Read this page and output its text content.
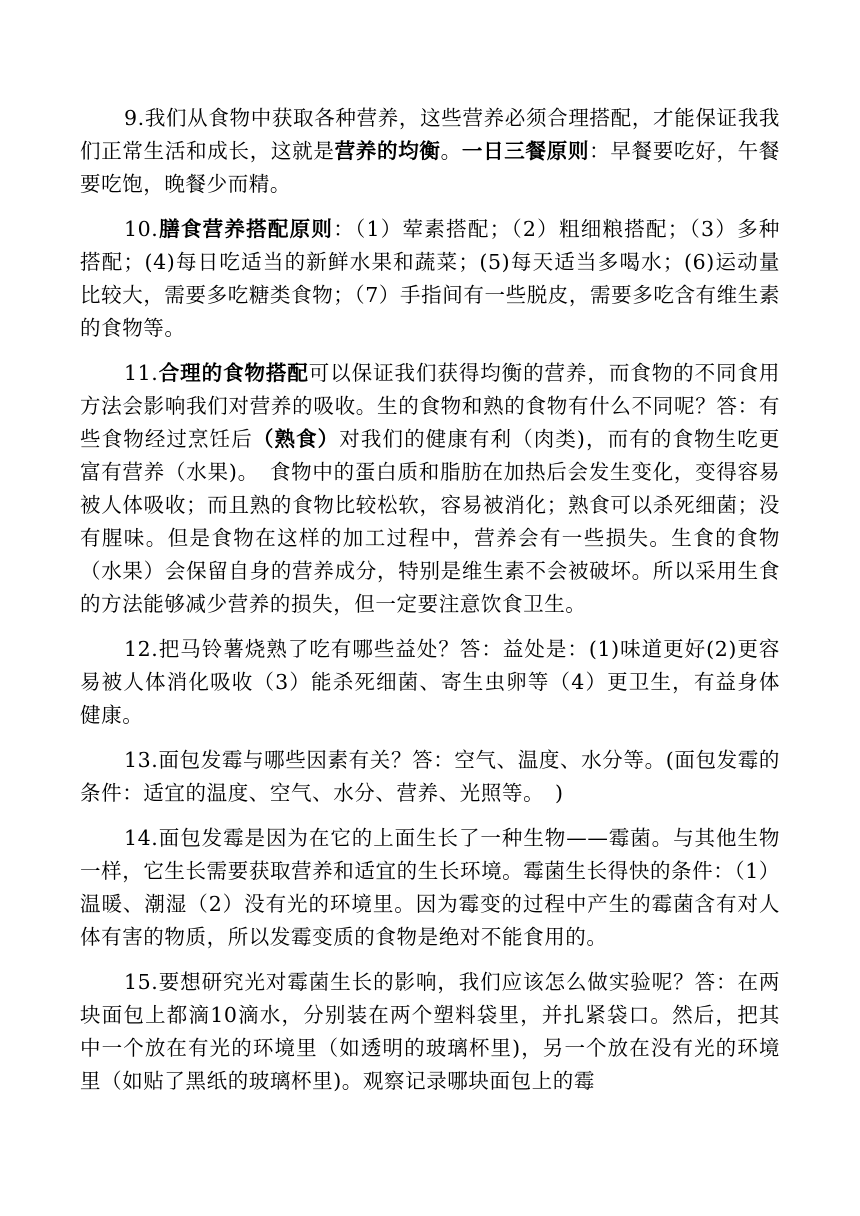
9.我们从食物中获取各种营养，这些营养必须合理搭配，才能保证我我们正常生活和成长，这就是营养的均衡。一日三餐原则：早餐要吃好，午餐要吃饱，晚餐少而精。

10.膳食营养搭配原则：（1）荤素搭配；（2）粗细粮搭配；（3）多种搭配；(4)每日吃适当的新鲜水果和蔬菜；(5)每天适当多喝水；(6)运动量比较大，需要多吃糖类食物；（7）手指间有一些脱皮，需要多吃含有维生素的食物等。

11.合理的食物搭配可以保证我们获得均衡的营养，而食物的不同食用方法会影响我们对营养的吸收。生的食物和熟的食物有什么不同呢？答：有些食物经过烹饪后（熟食）对我们的健康有利（肉类)，而有的食物生吃更富有营养（水果)。　食物中的蛋白质和脂肪在加热后会发生变化，变得容易被人体吸收；而且熟的食物比较松软，容易被消化；熟食可以杀死细菌；没有腥味。但是食物在这样的加工过程中，营养会有一些损失。生食的食物（水果）会保留自身的营养成分，特别是维生素不会被破坏。所以采用生食的方法能够减少营养的损失，但一定要注意饮食卫生。

12.把马铃薯烧熟了吃有哪些益处？答：益处是：(1)味道更好(2)更容易被人体消化吸收（3）能杀死细菌、寄生虫卵等（4）更卫生，有益身体健康。

13.面包发霉与哪些因素有关？答：空气、温度、水分等。(面包发霉的条件：适宜的温度、空气、水分、营养、光照等。　)

14.面包发霉是因为在它的上面生长了一种生物——霉菌。与其他生物一样，它生长需要获取营养和适宜的生长环境。霉菌生长得快的条件：（1）温暖、潮湿（2）没有光的环境里。因为霉变的过程中产生的霉菌含有对人体有害的物质，所以发霉变质的食物是绝对不能食用的。

15.要想研究光对霉菌生长的影响，我们应该怎么做实验呢？答：在两块面包上都滴10滴水，分别装在两个塑料袋里，并扎紧袋口。然后，把其中一个放在有光的环境里（如透明的玻璃杯里)，另一个放在没有光的环境里（如贴了黑纸的玻璃杯里)。观察记录哪块面包上的霉
